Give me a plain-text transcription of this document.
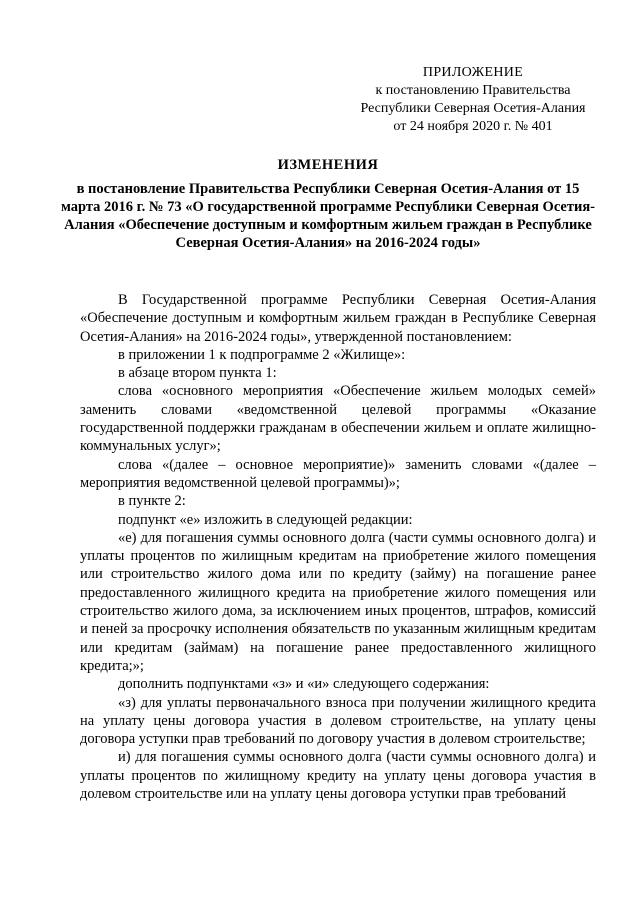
ПРИЛОЖЕНИЕ
к постановлению Правительства
Республики Северная Осетия-Алания
от 24 ноября 2020 г. № 401
ИЗМЕНЕНИЯ
в постановление Правительства Республики Северная Осетия-Алания от 15 марта 2016 г. № 73 «О государственной программе Республики Северная Осетия-Алания «Обеспечение доступным и комфортным жильем граждан в Республике Северная Осетия-Алания» на 2016-2024 годы»

В Государственной программе Республики Северная Осетия-Алания «Обеспечение доступным и комфортным жильем граждан в Республике Северная Осетия-Алания» на 2016-2024 годы», утвержденной постановлением:

в приложении 1 к подпрограмме 2 «Жилище»:

в абзаце втором пункта 1:

слова «основного мероприятия «Обеспечение жильем молодых семей» заменить словами «ведомственной целевой программы «Оказание государственной поддержки гражданам в обеспечении жильем и оплате жилищно-коммунальных услуг»;

слова «(далее – основное мероприятие)» заменить словами «(далее – мероприятия ведомственной целевой программы)»;

в пункте 2:

подпункт «е» изложить в следующей редакции:

«е) для погашения суммы основного долга (части суммы основного долга) и уплаты процентов по жилищным кредитам на приобретение жилого помещения или строительство жилого дома или по кредиту (займу) на погашение ранее предоставленного жилищного кредита на приобретение жилого помещения или строительство жилого дома, за исключением иных процентов, штрафов, комиссий и пеней за просрочку исполнения обязательств по указанным жилищным кредитам или кредитам (займам) на погашение ранее предоставленного жилищного кредита;»;

дополнить подпунктами «з» и «и» следующего содержания:

«з) для уплаты первоначального взноса при получении жилищного кредита на уплату цены договора участия в долевом строительстве, на уплату цены договора уступки прав требований по договору участия в долевом строительстве;

и) для погашения суммы основного долга (части суммы основного долга) и уплаты процентов по жилищному кредиту на уплату цены договора участия в долевом строительстве или на уплату цены договора уступки прав требований
